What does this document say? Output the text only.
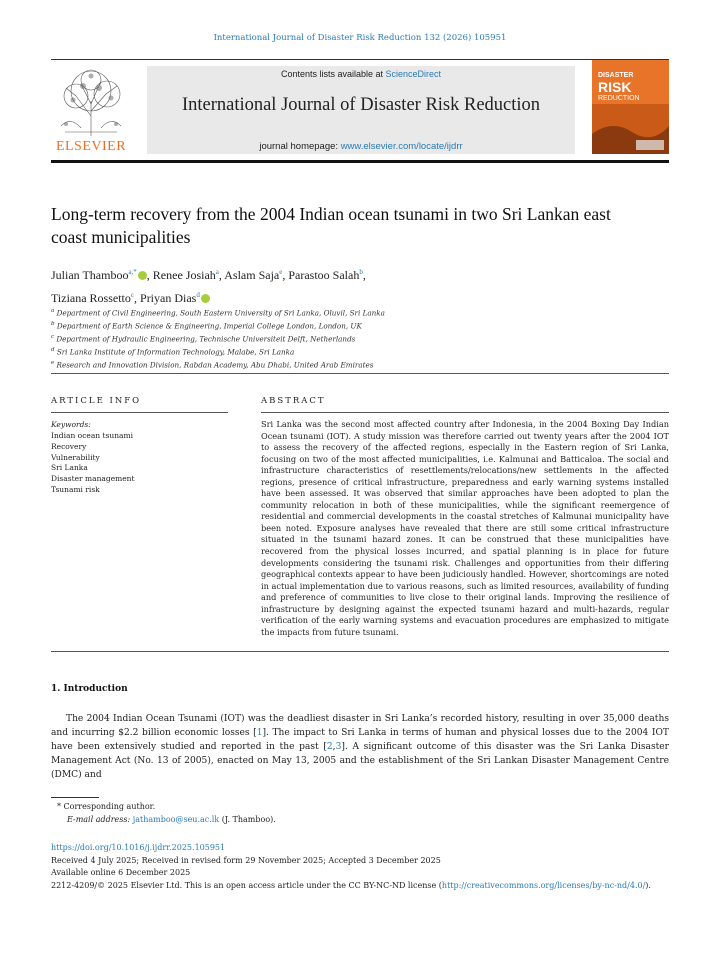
International Journal of Disaster Risk Reduction 132 (2026) 105951
ELSEVIER
Contents lists available at ScienceDirect
International Journal of Disaster Risk Reduction
journal homepage: www.elsevier.com/locate/ijdrr
DISASTER
RISK
REDUCTION
Long-term recovery from the 2004 Indian ocean tsunami in two Sri Lankan east coast municipalities
Julian Thamboo$^{a,*}$ , Renee Josiah$^a$, Aslam Saja$^e$, Parastoo Salah$^b$,
Tiziana Rossetto$^c$, Priyan Dias$^d$
$^a$ Department of Civil Engineering, South Eastern University of Sri Lanka, Oluvil, Sri Lanka
$^b$ Department of Earth Science & Engineering, Imperial College London, London, UK
$^c$ Department of Hydraulic Engineering, Technische Universiteit Delft, Netherlands
$^d$ Sri Lanka Institute of Information Technology, Malabe, Sri Lanka
$^e$ Research and Innovation Division, Rabdan Academy, Abu Dhabi, United Arab Emirates
ARTICLE INFO
Keywords:
Indian ocean tsunami
Recovery
Vulnerability
Sri Lanka
Disaster management
Tsunami risk
ABSTRACT
Sri Lanka was the second most affected country after Indonesia, in the 2004 Boxing Day Indian Ocean tsunami (IOT). A study mission was therefore carried out twenty years after the 2004 IOT to assess the recovery of the affected regions, especially in the Eastern region of Sri Lanka, focusing on two of the most affected municipalities, i.e. Kalmunai and Batticaloa. The social and infrastructure characteristics of resettlements/relocations/new settlements in the affected regions, presence of critical infrastructure, preparedness and early warning systems installed have been assessed. It was observed that similar approaches have been adopted to plan the community relocation in both of these municipalities, while the significant reemergence of residential and commercial developments in the coastal stretches of Kalmunai municipality have been noted. Exposure analyses have revealed that there are still some critical infrastructure situated in the tsunami hazard zones. It can be construed that these municipalities have recovered from the physical losses incurred, and spatial planning is in place for future developments considering the tsunami risk. Challenges and opportunities from their differing geographical contexts appear to have been judiciously handled. However, shortcomings are noted in actual implementation due to various reasons, such as limited resources, availability of funding and preference of communities to live close to their original lands. Improving the resilience of infrastructure by designing against the expected tsunami hazard and multi-hazards, regular verification of the early warning systems and evacuation procedures are emphasized to mitigate the impacts from future tsunami.
1. Introduction
The 2004 Indian Ocean Tsunami (IOT) was the deadliest disaster in Sri Lanka’s recorded history, resulting in over 35,000 deaths and incurring $2.2 billion economic losses [1]. The impact to Sri Lanka in terms of human and physical losses due to the 2004 IOT have been extensively studied and reported in the past [2,3]. A significant outcome of this disaster was the Sri Lanka Disaster Management Act (No. 13 of 2005), enacted on May 13, 2005 and the establishment of the Sri Lankan Disaster Management Centre (DMC) and
* Corresponding author.
E-mail address: jathamboo@seu.ac.lk (J. Thamboo).
https://doi.org/10.1016/j.ijdrr.2025.105951
Received 4 July 2025; Received in revised form 29 November 2025; Accepted 3 December 2025
Available online 6 December 2025
2212-4209/© 2025 Elsevier Ltd. This is an open access article under the CC BY-NC-ND license (http://creativecommons.org/licenses/by-nc-nd/4.0/).
